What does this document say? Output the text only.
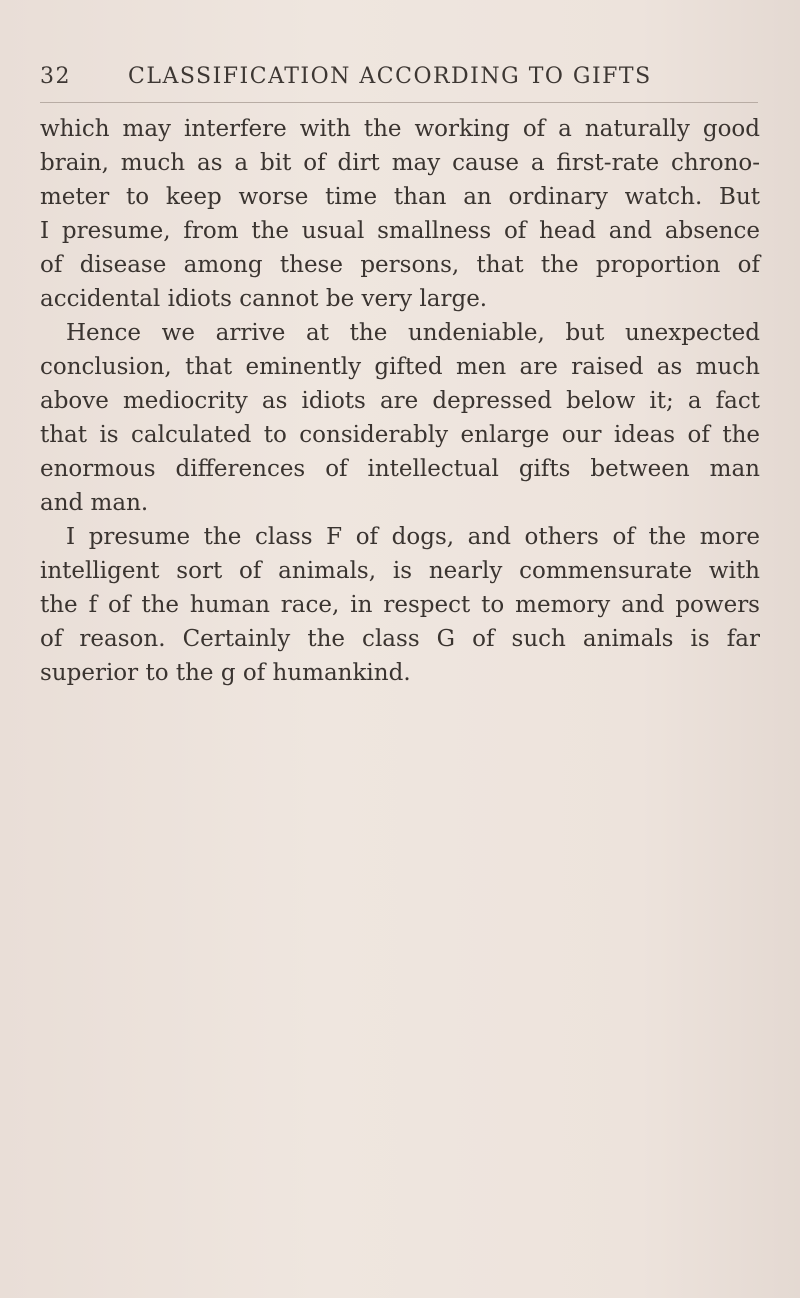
32	CLASSIFICATION ACCORDING TO GIFTS
which may interfere with the working of a naturally good
brain, much as a bit of dirt may cause a first-rate chrono-
meter to keep worse time than an ordinary watch. But
I presume, from the usual smallness of head and absence
of disease among these persons, that the proportion of
accidental idiots cannot be very large.
Hence we arrive at the undeniable, but unexpected
conclusion, that eminently gifted men are raised as much
above mediocrity as idiots are depressed below it; a fact
that is calculated to considerably enlarge our ideas of the
enormous differences of intellectual gifts between man
and man.
I presume the class F of dogs, and others of the more
intelligent sort of animals, is nearly commensurate with
the f of the human race, in respect to memory and powers
of reason. Certainly the class G of such animals is far
superior to the g of humankind.
